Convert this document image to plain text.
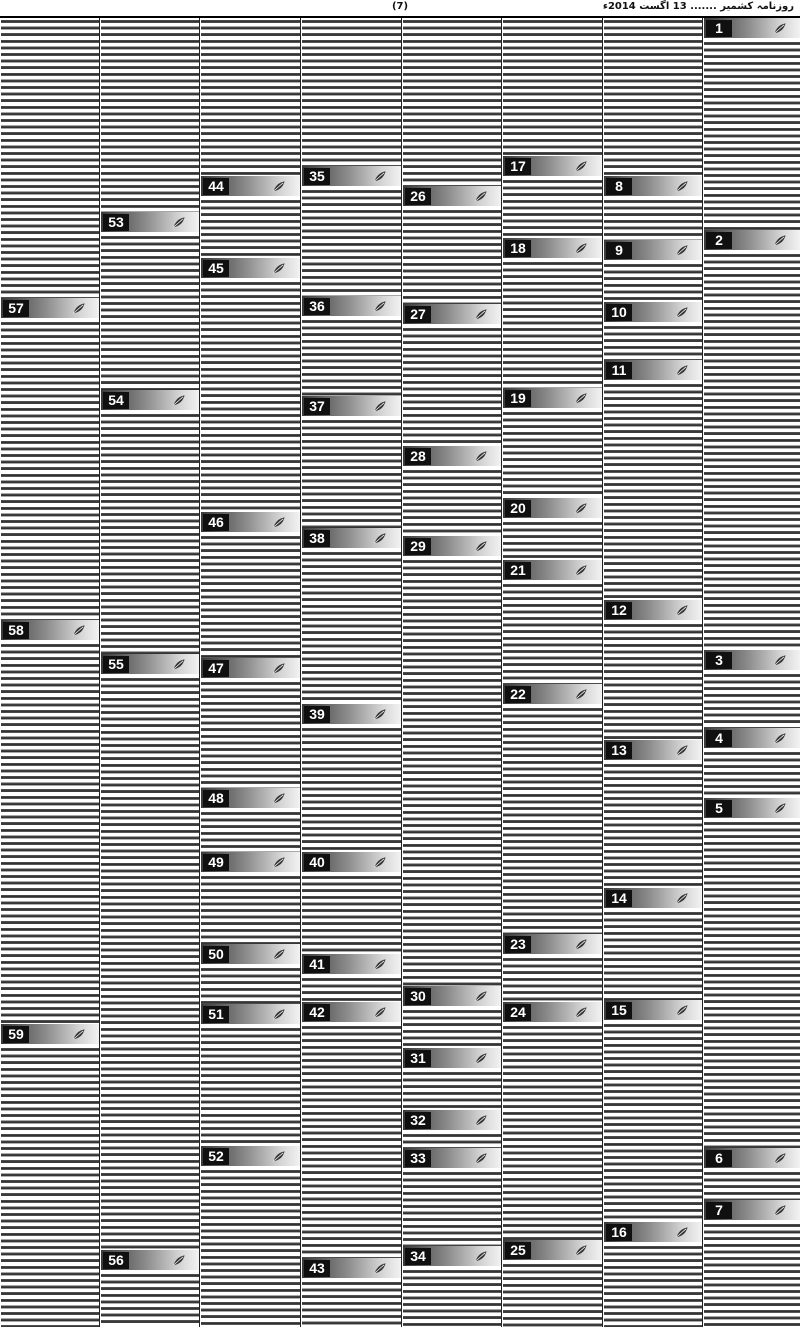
(7)	روزنامہ کشمیر ....... 13 اگست 2014ء
1
2
3
4
5
6
7
8
9
10
11
12
13
14
15
16
17
18
19
20
21
22
23
24
25
26
27
28
29
30
31
32
33
34
35
36
37
38
39
40
41
42
43
44
45
46
47
48
49
50
51
52
53
54
55
56
57
58
59
